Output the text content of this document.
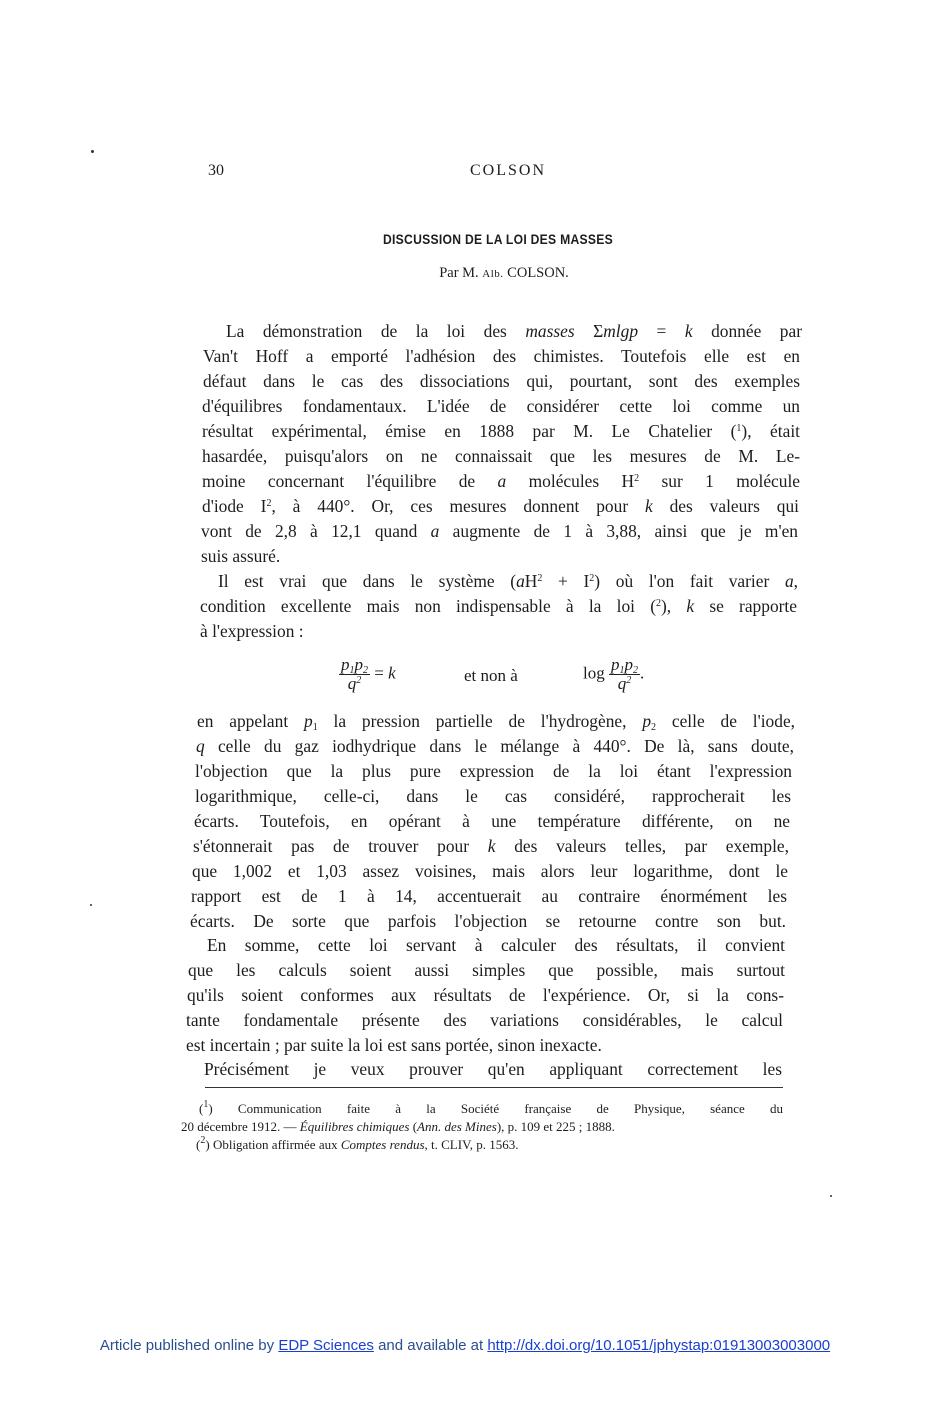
30	COLSON
DISCUSSION DE LA LOI DES MASSES
Par M. Alb. COLSON.
La démonstration de la loi des masses Σmlgp = k donnée par
Van't Hoff a emporté l'adhésion des chimistes. Toutefois elle est en
défaut dans le cas des dissociations qui, pourtant, sont des exemples
d'équilibres fondamentaux. L'idée de considérer cette loi comme un
résultat expérimental, émise en 1888 par M. Le Chatelier ($^1$), était
hasardée, puisqu'alors on ne connaissait que les mesures de M. Le-
moine concernant l'équilibre de a molécules $H^2$ sur 1 molécule
d'iode $I^2$, à 440°. Or, ces mesures donnent pour k des valeurs qui
vont de 2,8 à 12,1 quand a augmente de 1 à 3,88, ainsi que je m'en
suis assuré.
Il est vrai que dans le système $(aH^2 + I^2)$ où l'on fait varier a,
condition excellente mais non indispensable à la loi ($^2$), k se rapporte
à l'expression :
$\frac{p_1p_2}{q^2} = k$	et non à	$\log \frac{p_1p_2}{q^2}$ .
en appelant $p_1$ la pression partielle de l'hydrogène, $p_2$ celle de l'iode,
q celle du gaz iodhydrique dans le mélange à 440°. De là, sans doute,
l'objection que la plus pure expression de la loi étant l'expression
logarithmique, celle-ci, dans le cas considéré, rapprocherait les
écarts. Toutefois, en opérant à une température différente, on ne
s'étonnerait pas de trouver pour k des valeurs telles, par exemple,
que 1,002 et 1,03 assez voisines, mais alors leur logarithme, dont le
rapport est de 1 à 14, accentuerait au contraire énormément les
écarts. De sorte que parfois l'objection se retourne contre son but.
En somme, cette loi servant à calculer des résultats, il convient
que les calculs soient aussi simples que possible, mais surtout
qu'ils soient conformes aux résultats de l'expérience. Or, si la cons-
tante fondamentale présente des variations considérables, le calcul
est incertain ; par suite la loi est sans portée, sinon inexacte.
Précisément je veux prouver qu'en appliquant correctement les
($^1$) Communication faite à la Société française de Physique, séance du
20 décembre 1912. — Équilibres chimiques (Ann. des Mines), p. 109 et 225 ; 1888.
($^2$) Obligation affirmée aux Comptes rendus, t. CLIV, p. 1563.
Article published online by EDP Sciences and available at http://dx.doi.org/10.1051/jphystap:01913003003000
